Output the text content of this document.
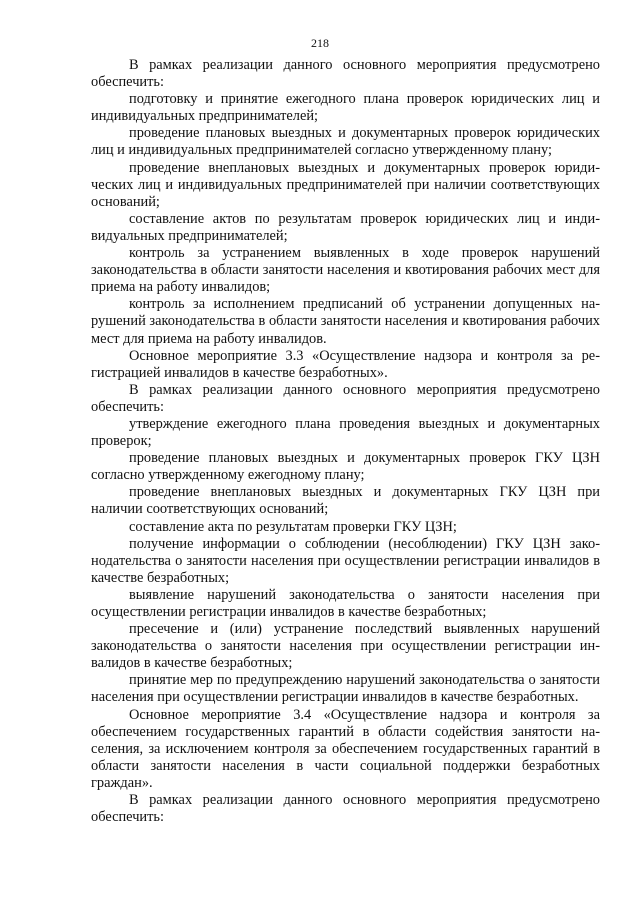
218

В рамках реализации данного основного мероприятия предусмотрено обеспечить:

подготовку и принятие ежегодного плана проверок юридических лиц и индивидуальных предпринимателей;

проведение плановых выездных и документарных проверок юридических лиц и индивидуальных предпринимателей согласно утвержденному плану;

проведение внеплановых выездных и документарных проверок юридических лиц и индивидуальных предпринимателей при наличии соответствующих оснований;

составление актов по результатам проверок юридических лиц и индивидуальных предпринимателей;

контроль за устранением выявленных в ходе проверок нарушений законодательства в области занятости населения и квотирования рабочих мест для приема на работу инвалидов;

контроль за исполнением предписаний об устранении допущенных нарушений законодательства в области занятости населения и квотирования рабочих мест для приема на работу инвалидов.

Основное мероприятие 3.3 «Осуществление надзора и контроля за регистрацией инвалидов в качестве безработных».

В рамках реализации данного основного мероприятия предусмотрено обеспечить:

утверждение ежегодного плана проведения выездных и документарных проверок;

проведение плановых выездных и документарных проверок ГКУ ЦЗН согласно утвержденному ежегодному плану;

проведение внеплановых выездных и документарных ГКУ ЦЗН при наличии соответствующих оснований;

составление акта по результатам проверки ГКУ ЦЗН;

получение информации о соблюдении (несоблюдении) ГКУ ЦЗН законодательства о занятости населения при осуществлении регистрации инвалидов в качестве безработных;

выявление нарушений законодательства о занятости населения при осуществлении регистрации инвалидов в качестве безработных;

пресечение и (или) устранение последствий выявленных нарушений законодательства о занятости населения при осуществлении регистрации инвалидов в качестве безработных;

принятие мер по предупреждению нарушений законодательства о занятости населения при осуществлении регистрации инвалидов в качестве безработных.

Основное мероприятие 3.4 «Осуществление надзора и контроля за обеспечением государственных гарантий в области содействия занятости населения, за исключением контроля за обеспечением государственных гарантий в области занятости населения в части социальной поддержки безработных граждан».

В рамках реализации данного основного мероприятия предусмотрено обеспечить:
